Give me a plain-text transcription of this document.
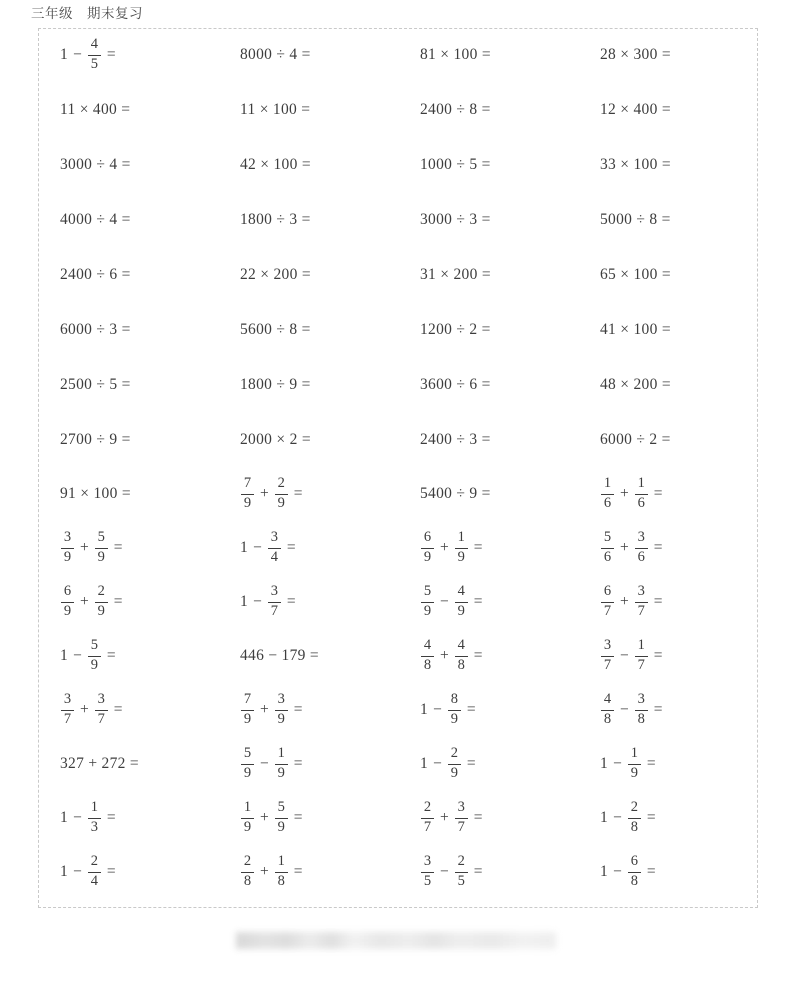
三年级　期末复习
$1 - \frac{4}{5}$ =	8000 ÷ 4 =	81 × 100 =	28 × 300 =
11 × 400 =	11 × 100 =	2400 ÷ 8 =	12 × 400 =
3000 ÷ 4 =	42 × 100 =	1000 ÷ 5 =	33 × 100 =
4000 ÷ 4 =	1800 ÷ 3 =	3000 ÷ 3 =	5000 ÷ 8 =
2400 ÷ 6 =	22 × 200 =	31 × 200 =	65 × 100 =
6000 ÷ 3 =	5600 ÷ 8 =	1200 ÷ 2 =	41 × 100 =
2500 ÷ 5 =	1800 ÷ 9 =	3600 ÷ 6 =	48 × 200 =
2700 ÷ 9 =	2000 × 2 =	2400 ÷ 3 =	6000 ÷ 2 =
91 × 100 =	$\frac{7}{9} + \frac{2}{9}$ =	5400 ÷ 9 =	$\frac{1}{6} + \frac{1}{6}$ =
$\frac{3}{9} + \frac{5}{9}$ =	$1 - \frac{3}{4}$ =	$\frac{6}{9} + \frac{1}{9}$ =	$\frac{5}{6} + \frac{3}{6}$ =
$\frac{6}{9} + \frac{2}{9}$ =	$1 - \frac{3}{7}$ =	$\frac{5}{9} - \frac{4}{9}$ =	$\frac{6}{7} + \frac{3}{7}$ =
$1 - \frac{5}{9}$ =	446 − 179 =	$\frac{4}{8} + \frac{4}{8}$ =	$\frac{3}{7} - \frac{1}{7}$ =
$\frac{3}{7} + \frac{3}{7}$ =	$\frac{7}{9} + \frac{3}{9}$ =	$1 - \frac{8}{9}$ =	$\frac{4}{8} - \frac{3}{8}$ =
327 + 272 =	$\frac{5}{9} - \frac{1}{9}$ =	$1 - \frac{2}{9}$ =	$1 - \frac{1}{9}$ =
$1 - \frac{1}{3}$ =	$\frac{1}{9} + \frac{5}{9}$ =	$\frac{2}{7} + \frac{3}{7}$ =	$1 - \frac{2}{8}$ =
$1 - \frac{2}{4}$ =	$\frac{2}{8} + \frac{1}{8}$ =	$\frac{3}{5} - \frac{2}{5}$ =	$1 - \frac{6}{8}$ =
